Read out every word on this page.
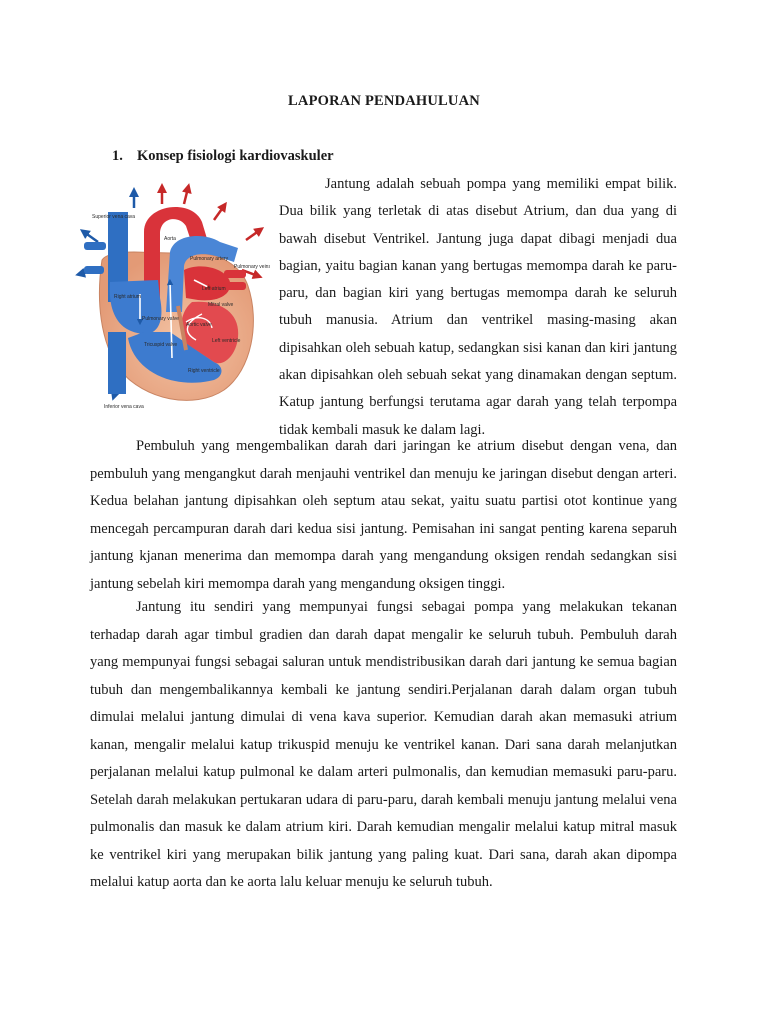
LAPORAN PENDAHULUAN
1. Konsep fisiologi kardiovaskuler
Superior vena cava
Aorta
Pulmonary artery
Pulmonary veins
Right atrium
Left atrium
Pulmonary valve
Mitral valve
Aortic valve
Tricuspid valve
Left ventricle
Right ventricle
Inferior vena cava

Jantung adalah sebuah pompa yang memiliki empat bilik. Dua bilik yang terletak di atas disebut Atrium, dan dua yang di bawah disebut Ventrikel. Jantung juga dapat dibagi menjadi dua bagian, yaitu bagian kanan yang bertugas memompa darah ke paru-paru, dan bagian kiri yang bertugas memompa darah ke seluruh tubuh manusia. Atrium dan ventrikel masing-masing akan dipisahkan oleh sebuah katup, sedangkan sisi kanan dan kiri jantung akan dipisahkan oleh sebuah sekat yang dinamakan dengan septum. Katup jantung berfungsi terutama agar darah yang telah terpompa tidak kembali masuk ke dalam lagi.

Pembuluh yang mengembalikan darah dari jaringan ke atrium disebut dengan vena, dan pembuluh yang mengangkut darah menjauhi ventrikel dan menuju ke jaringan disebut dengan arteri. Kedua belahan jantung dipisahkan oleh septum atau sekat, yaitu suatu partisi otot kontinue yang mencegah percampuran darah dari kedua sisi jantung. Pemisahan ini sangat penting karena separuh jantung kjanan menerima dan memompa darah yang mengandung oksigen rendah sedangkan sisi jantung sebelah kiri memompa darah yang mengandung oksigen tinggi.

Jantung itu sendiri yang mempunyai fungsi sebagai pompa yang melakukan tekanan terhadap darah agar timbul gradien dan darah dapat mengalir ke seluruh tubuh. Pembuluh darah yang mempunyai fungsi sebagai saluran untuk mendistribusikan darah dari jantung ke semua bagian tubuh dan mengembalikannya kembali ke jantung sendiri.Perjalanan darah dalam organ tubuh dimulai melalui jantung dimulai di vena kava superior. Kemudian darah akan memasuki atrium kanan, mengalir melalui katup trikuspid menuju ke ventrikel kanan. Dari sana darah melanjutkan perjalanan melalui katup pulmonal ke dalam arteri pulmonalis, dan kemudian memasuki paru-paru. Setelah darah melakukan pertukaran udara di paru-paru, darah kembali menuju jantung melalui vena pulmonalis dan masuk ke dalam atrium kiri. Darah kemudian mengalir melalui katup mitral masuk ke ventrikel kiri yang merupakan bilik jantung yang paling kuat. Dari sana, darah akan dipompa melalui katup aorta dan ke aorta lalu keluar menuju ke seluruh tubuh.
